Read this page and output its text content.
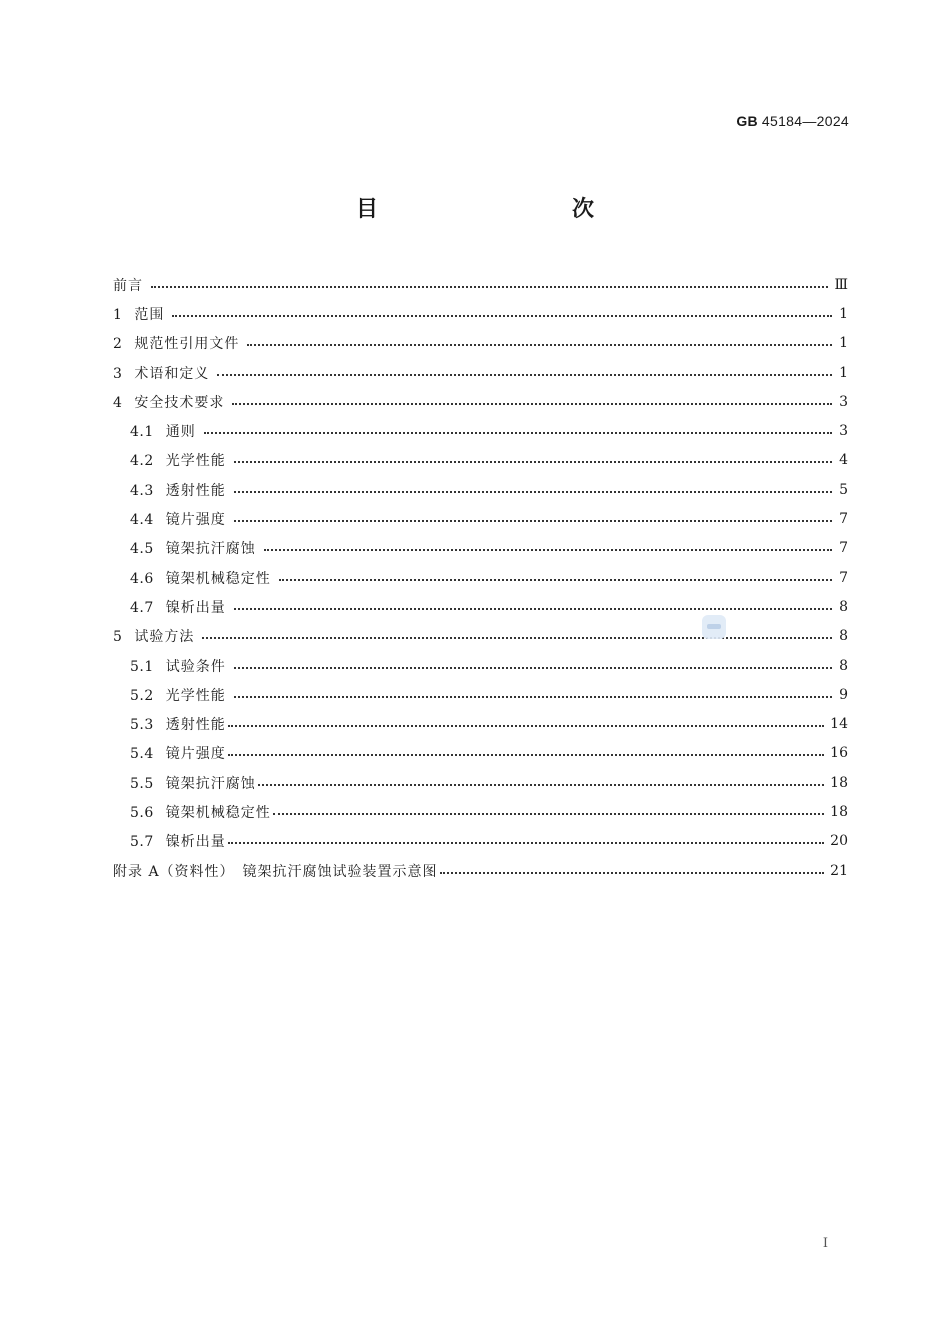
GB 45184—2024
目　　次
前言	Ⅲ
1 范围	1
2 规范性引用文件	1
3 术语和定义	1
4 安全技术要求	3
4.1 通则	3
4.2 光学性能	4
4.3 透射性能	5
4.4 镜片强度	7
4.5 镜架抗汗腐蚀	7
4.6 镜架机械稳定性	7
4.7 镍析出量	8
5 试验方法	8
5.1 试验条件	8
5.2 光学性能	9
5.3 透射性能	14
5.4 镜片强度	16
5.5 镜架抗汗腐蚀	18
5.6 镜架机械稳定性	18
5.7 镍析出量	20
附录 A（资料性）　镜架抗汗腐蚀试验装置示意图	21
I
